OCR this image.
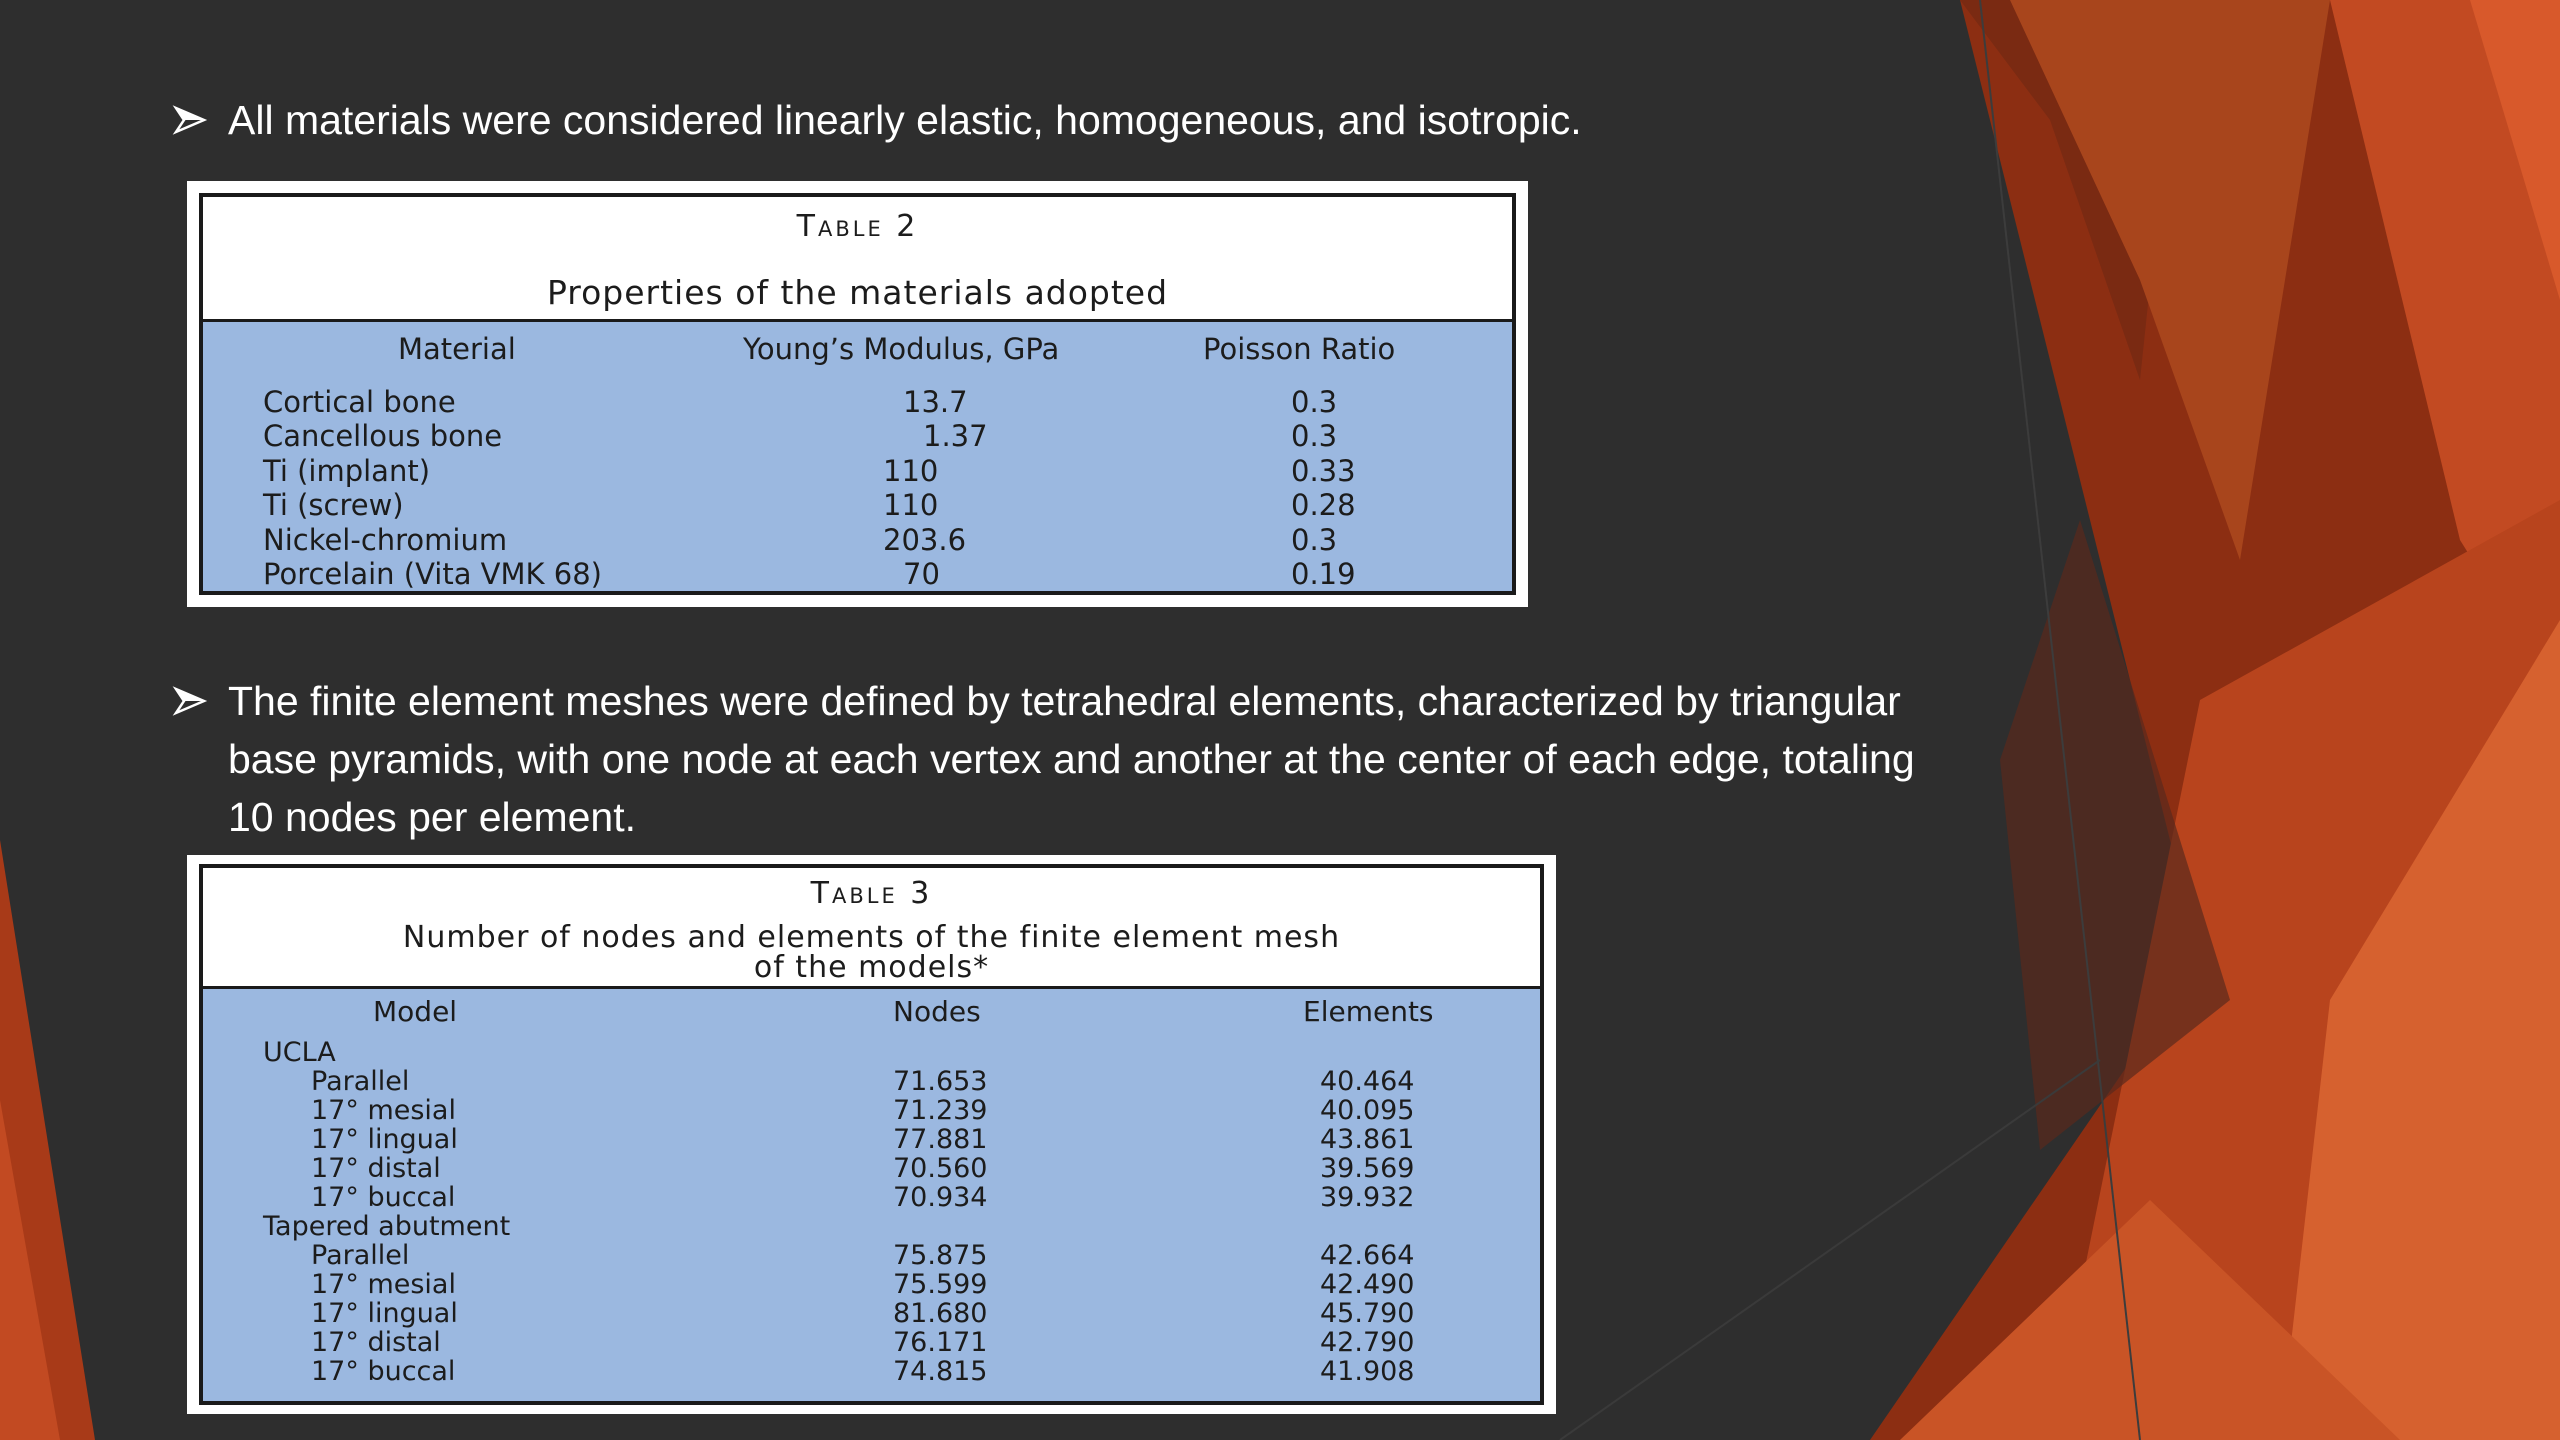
All materials were considered linearly elastic, homogeneous, and isotropic.
Table 2
Properties of the materials adopted
Material	Young’s Modulus, GPa	Poisson Ratio
Cortical bone	13.7	0.3
Cancellous bone	1.37	0.3
Ti (implant)	110	0.33
Ti (screw)	110	0.28
Nickel-chromium	203.6	0.3
Porcelain (Vita VMK 68)	70	0.19
The finite element meshes were defined by tetrahedral elements, characterized by triangular
base pyramids, with one node at each vertex and another at the center of each edge, totaling
10 nodes per element.
Table 3
Number of nodes and elements of the finite element mesh
of the models*
Model	Nodes	Elements
UCLA
Parallel	71.653	40.464
17° mesial	71.239	40.095
17° lingual	77.881	43.861
17° distal	70.560	39.569
17° buccal	70.934	39.932
Tapered abutment
Parallel	75.875	42.664
17° mesial	75.599	42.490
17° lingual	81.680	45.790
17° distal	76.171	42.790
17° buccal	74.815	41.908
